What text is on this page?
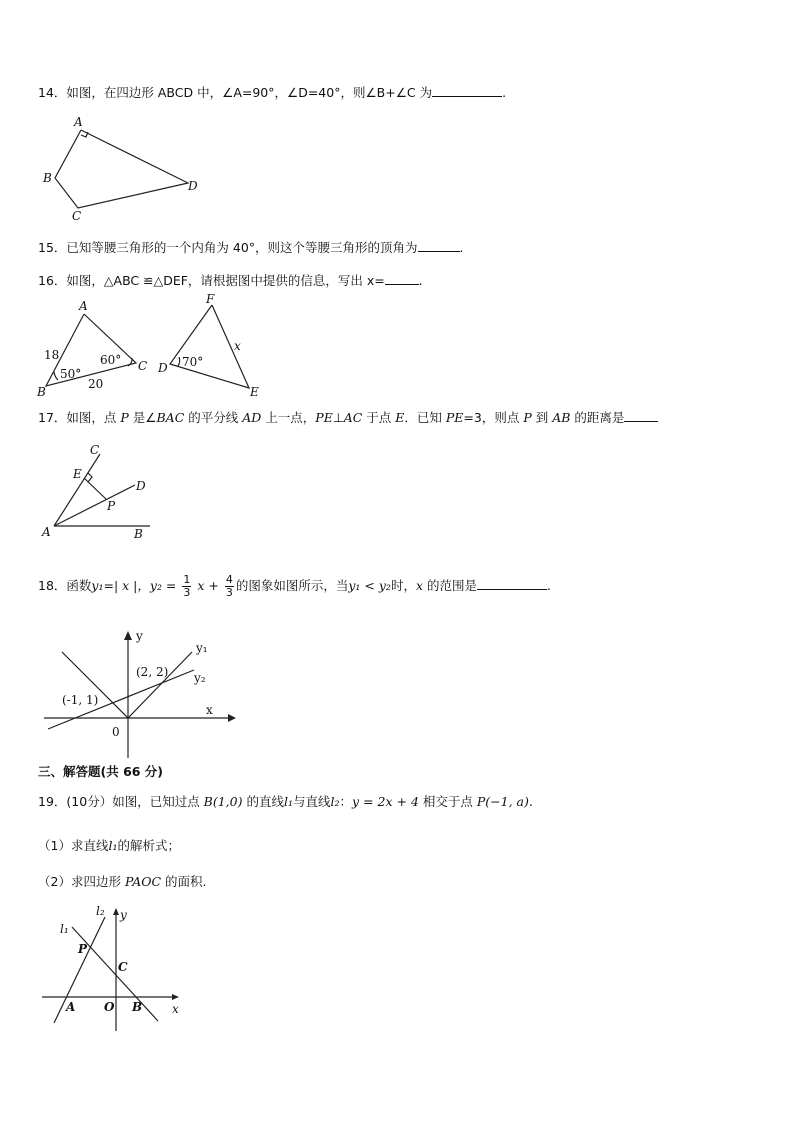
14．如图，在四边形 ABCD 中，∠A=90°，∠D=40°，则∠B+∠C 为	.
A
B
C
D
15．已知等腰三角形的一个内角为 40°，则这个等腰三角形的顶角为	.
16．如图，△ABC ≌△DEF，请根据图中提供的信息，写出 x=	.
A
B
C
18
20
50°
60°
F
D
E
x
70°
17．如图，点 P 是∠BAC 的平分线 AD 上一点，PE⊥AC 于点 E．已知 PE=3，则点 P 到 AB 的距离是
C
E
D
P
A	B
18．函数y₁=| x |，$y_2 = \frac{1}{3}$ $x + \frac{4}{3}$ 的图象如图所示，当y₁ < y₂时，x 的范围是	.
y
x
0
y₁
y₂
(-1, 1)
(2, 2)
三、解答题(共 66 分)
19．(10分）如图，已知过点 B(1,0) 的直线l₁与直线l₂：y = 2x + 4 相交于点 P(−1, a).
（1）求直线l₁的解析式；
（2）求四边形 PAOC 的面积.
l₁
l₂ y
x
P
C
A O B
